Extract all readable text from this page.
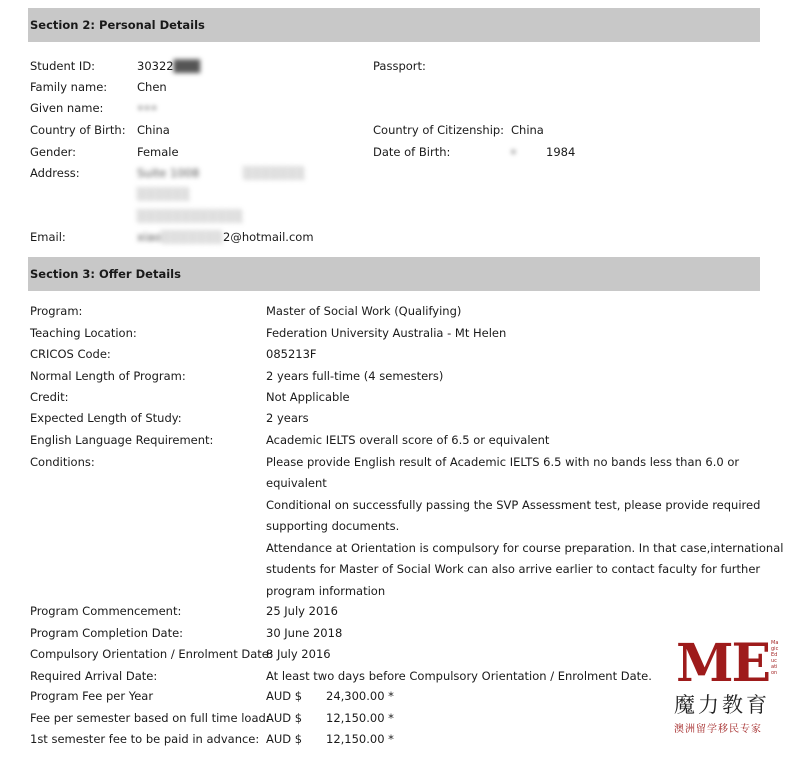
Section 2: Personal Details
Student ID:	30322███	Passport:
Family name:	Chen
Given name:	•••
Country of Birth: China	Country of Citizenship: China
Gender:	Female	Date of Birth:	•	1984
Address:	Suite 1008            ░░░░░░░
░░░░░░
░░░░░░░░░░░░
Email:	xiao░░░░░░░2@hotmail.com
Section 3: Offer Details
Program:	Master of Social Work (Qualifying)
Teaching Location:	Federation University Australia - Mt Helen
CRICOS Code:	085213F
Normal Length of Program:	2 years full-time (4 semesters)
Credit:	Not Applicable
Expected Length of Study:	2 years
English Language Requirement:	Academic IELTS overall score of 6.5 or equivalent
Conditions:	Please provide English result of Academic IELTS 6.5 with no bands less than 6.0 or
equivalent
Conditional on successfully passing the SVP Assessment test, please provide required
supporting documents.
Attendance at Orientation is compulsory for course preparation. In that case,international
students for Master of Social Work can also arrive earlier to contact faculty for further
program information
Program Commencement:	25 July 2016
Program Completion Date:	30 June 2018
Compulsory Orientation / Enrolment Date:
8 July 2016
Required Arrival Date:	At least two days before Compulsory Orientation / Enrolment Date.
Program Fee per Year	AUD $ 24,300.00 *
Fee per semester based on full time load:
AUD $ 12,150.00 *
1st semester fee to be paid in advance: AUD $ 12,150.00 *
ME Magic Education
魔力教育
澳洲留学移民专家
